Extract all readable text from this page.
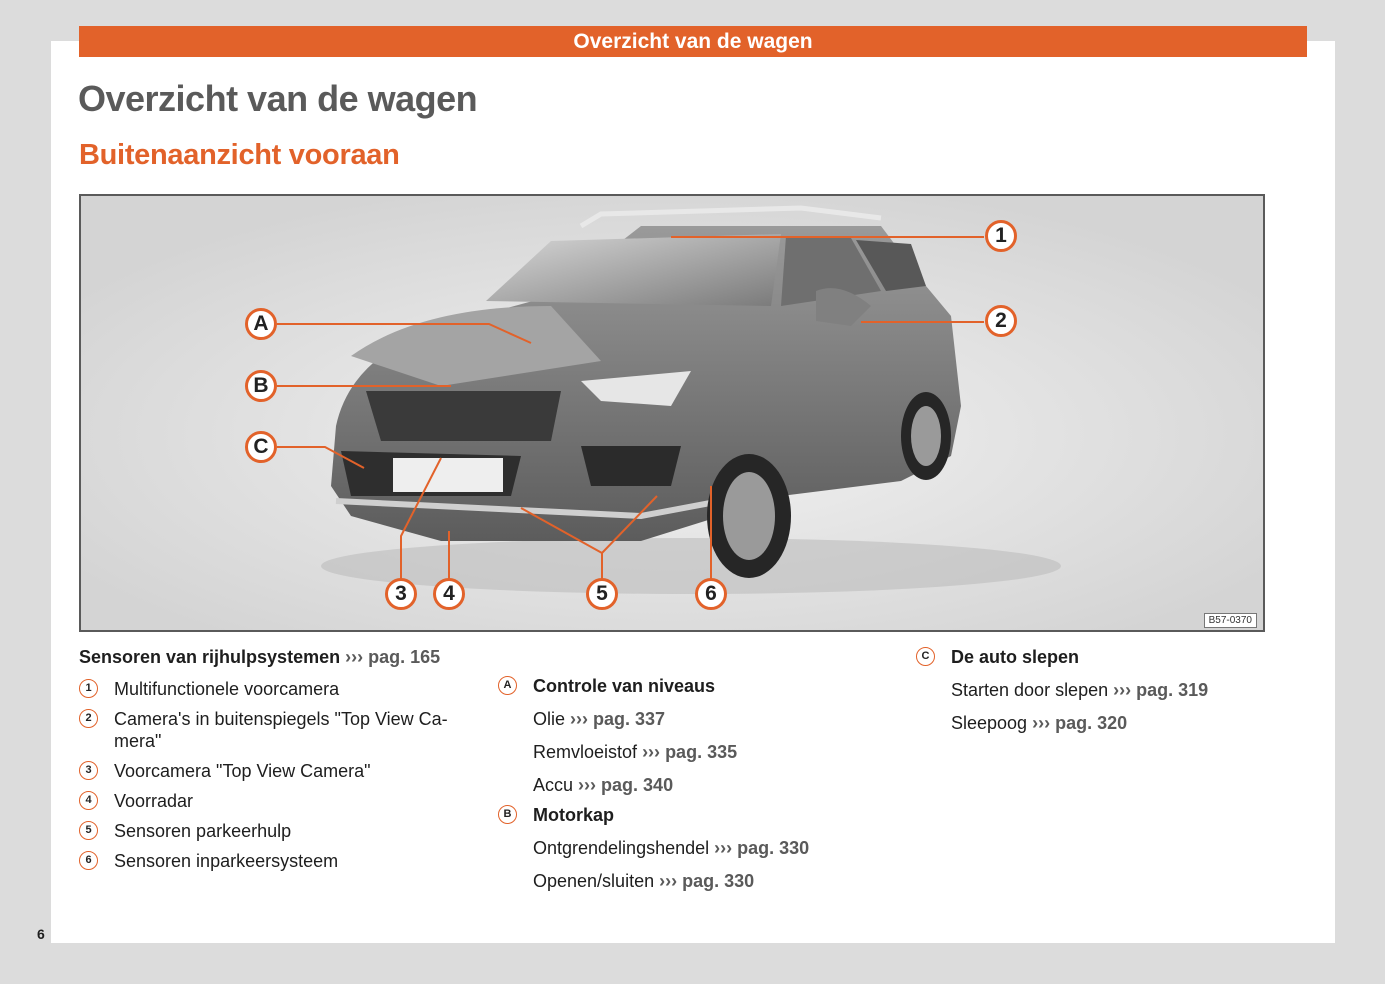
Overzicht van de wagen
Overzicht van de wagen
Buitenaanzicht vooraan
1
2
3	4	5	6
A
B
C
B57-0370

Sensoren van rijhulpsystemen ››› pag. 165

1	Multifunctionele voorcamera
2	Camera's in buitenspiegels "Top View Ca-mera"
3	Voorcamera "Top View Camera"
4	Voorradar
5	Sensoren parkeerhulp
6	Sensoren inparkeersysteem
A	Controle van niveaus
Olie ››› pag. 337
Remvloeistof ››› pag. 335
Accu ››› pag. 340
B	Motorkap
Ontgrendelingshendel ››› pag. 330
Openen/sluiten ››› pag. 330
C	De auto slepen
Starten door slepen ››› pag. 319
Sleepoog ››› pag. 320
6
